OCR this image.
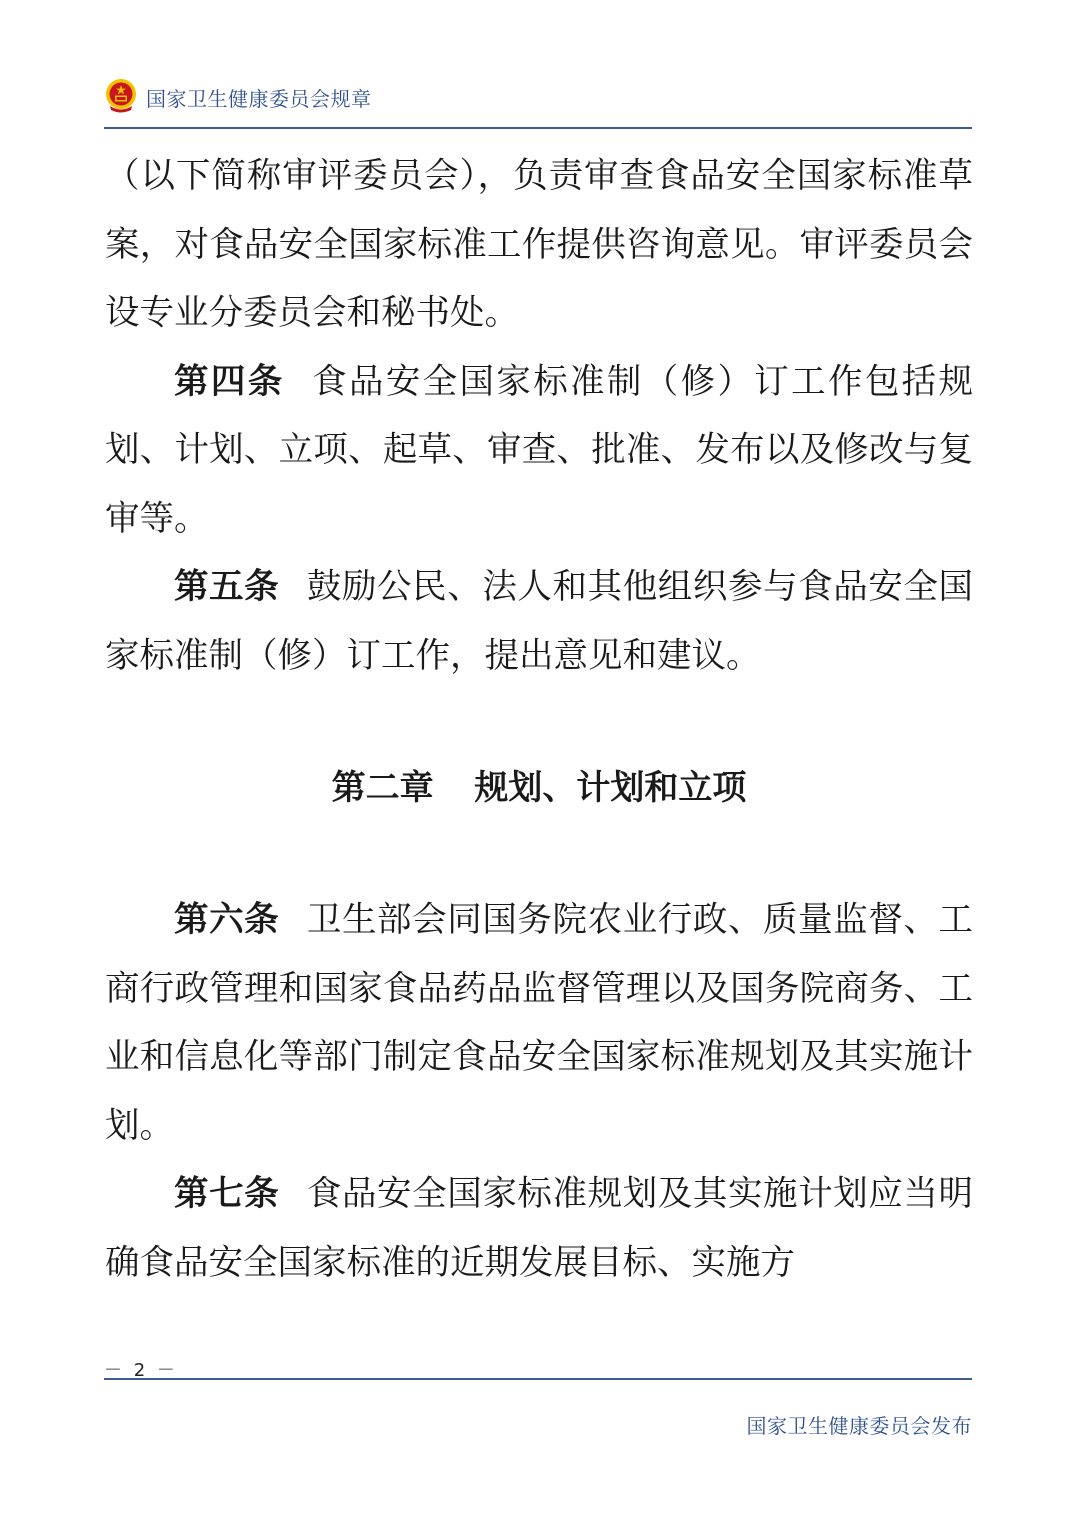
国家卫生健康委员会规章

（以下简称审评委员会），负责审查食品安全国家标准草案，对食品安全国家标准工作提供咨询意见。审评委员会设专业分委员会和秘书处。

第四条 食品安全国家标准制（修）订工作包括规划、计划、立项、起草、审查、批准、发布以及修改与复审等。

第五条 鼓励公民、法人和其他组织参与食品安全国家标准制（修）订工作，提出意见和建议。

第二章 规划、计划和立项

第六条 卫生部会同国务院农业行政、质量监督、工商行政管理和国家食品药品监督管理以及国务院商务、工业和信息化等部门制定食品安全国家标准规划及其实施计划。

第七条 食品安全国家标准规划及其实施计划应当明确食品安全国家标准的近期发展目标、实施方

－ 2 －
国家卫生健康委员会发布
